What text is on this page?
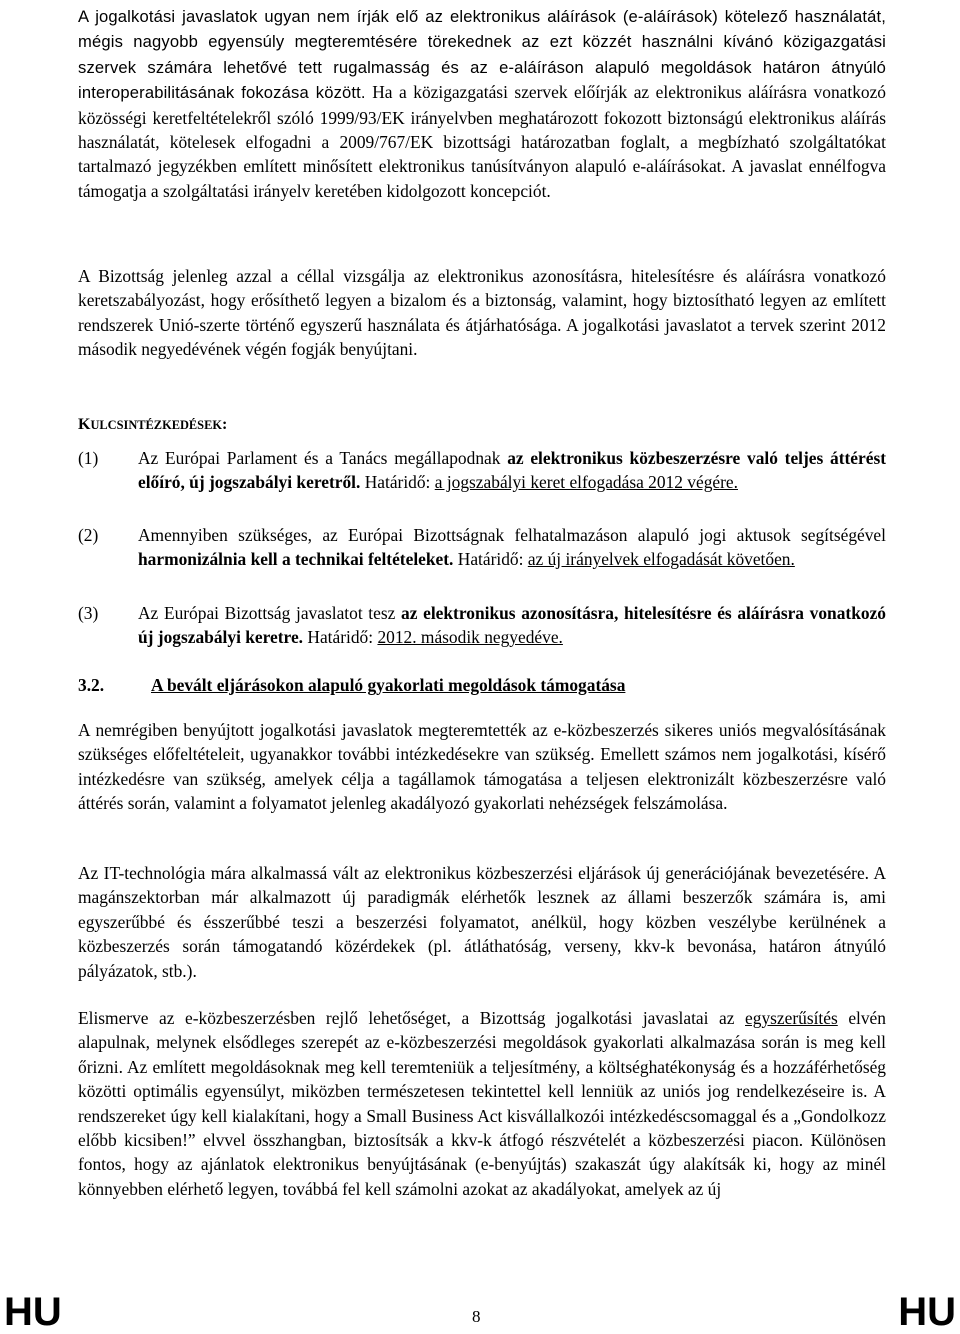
A jogalkotási javaslatok ugyan nem írják elő az elektronikus aláírások (e-aláírások) kötelező használatát, mégis nagyobb egyensúly megteremtésére törekednek az ezt közzét használni kívánó közigazgatási szervek számára lehetővé tett rugalmasság és az e-aláíráson alapuló megoldások határon átnyúló interoperabilitásának fokozása között. Ha a közigazgatási szervek előírják az elektronikus aláírásra vonatkozó közösségi keretfeltételekről szóló 1999/93/EK irányelvben meghatározott fokozott biztonságú elektronikus aláírás használatát, kötelesek elfogadni a 2009/767/EK bizottsági határozatban foglalt, a megbízható szolgáltatókat tartalmazó jegyzékben említett minősített elektronikus tanúsítványon alapuló e-aláírásokat. A javaslat ennélfogva támogatja a szolgáltatási irányelv keretében kidolgozott koncepciót.

A Bizottság jelenleg azzal a céllal vizsgálja az elektronikus azonosításra, hitelesítésre és aláírásra vonatkozó keretszabályozást, hogy erősíthető legyen a bizalom és a biztonság, valamint, hogy biztosítható legyen az említett rendszerek Unió-szerte történő egyszerű használata és átjárhatósága. A jogalkotási javaslatot a tervek szerint 2012 második negyedévének végén fogják benyújtani.

KULCSINTÉZKEDÉSEK:
(1) Az Európai Parlament és a Tanács megállapodnak az elektronikus közbeszerzésre való teljes áttérést előíró, új jogszabályi keretről. Határidő: a jogszabályi keret elfogadása 2012 végére.

(2) Amennyiben szükséges, az Európai Bizottságnak felhatalmazáson alapuló jogi aktusok segítségével harmonizálnia kell a technikai feltételeket. Határidő: az új irányelvek elfogadását követően.

(3) Az Európai Bizottság javaslatot tesz az elektronikus azonosításra, hitelesítésre és aláírásra vonatkozó új jogszabályi keretre. Határidő: 2012. második negyedéve.

3.2.	A bevált eljárásokon alapuló gyakorlati megoldások támogatása

A nemrégiben benyújtott jogalkotási javaslatok megteremtették az e-közbeszerzés sikeres uniós megvalósításának szükséges előfeltételeit, ugyanakkor további intézkedésekre van szükség. Emellett számos nem jogalkotási, kísérő intézkedésre van szükség, amelyek célja a tagállamok támogatása a teljesen elektronizált közbeszerzésre való áttérés során, valamint a folyamatot jelenleg akadályozó gyakorlati nehézségek felszámolása.

Az IT-technológia mára alkalmassá vált az elektronikus közbeszerzési eljárások új generációjának bevezetésére. A magánszektorban már alkalmazott új paradigmák elérhetők lesznek az állami beszerzők számára is, ami egyszerűbbé és ésszerűbbé teszi a beszerzési folyamatot, anélkül, hogy közben veszélybe kerülnének a közbeszerzés során támogatandó közérdekek (pl. átláthatóság, verseny, kkv-k bevonása, határon átnyúló pályázatok, stb.).

Elismerve az e-közbeszerzésben rejlő lehetőséget, a Bizottság jogalkotási javaslatai az egyszerűsítés elvén alapulnak, melynek elsődleges szerepét az e-közbeszerzési megoldások gyakorlati alkalmazása során is meg kell őrizni. Az említett megoldásoknak meg kell teremteniük a teljesítmény, a költséghatékonyság és a hozzáférhetőség közötti optimális egyensúlyt, miközben természetesen tekintettel kell lenniük az uniós jog rendelkezéseire is. A rendszereket úgy kell kialakítani, hogy a Small Business Act kisvállalkozói intézkedéscsomaggal és a „Gondolkozz előbb kicsiben!” elvvel összhangban, biztosítsák a kkv-k átfogó részvételét a közbeszerzési piacon. Különösen fontos, hogy az ajánlatok elektronikus benyújtásának (e-benyújtás) szakaszát úgy alakítsák ki, hogy az minél könnyebben elérhető legyen, továbbá fel kell számolni azokat az akadályokat, amelyek az új

HU	8	HU
